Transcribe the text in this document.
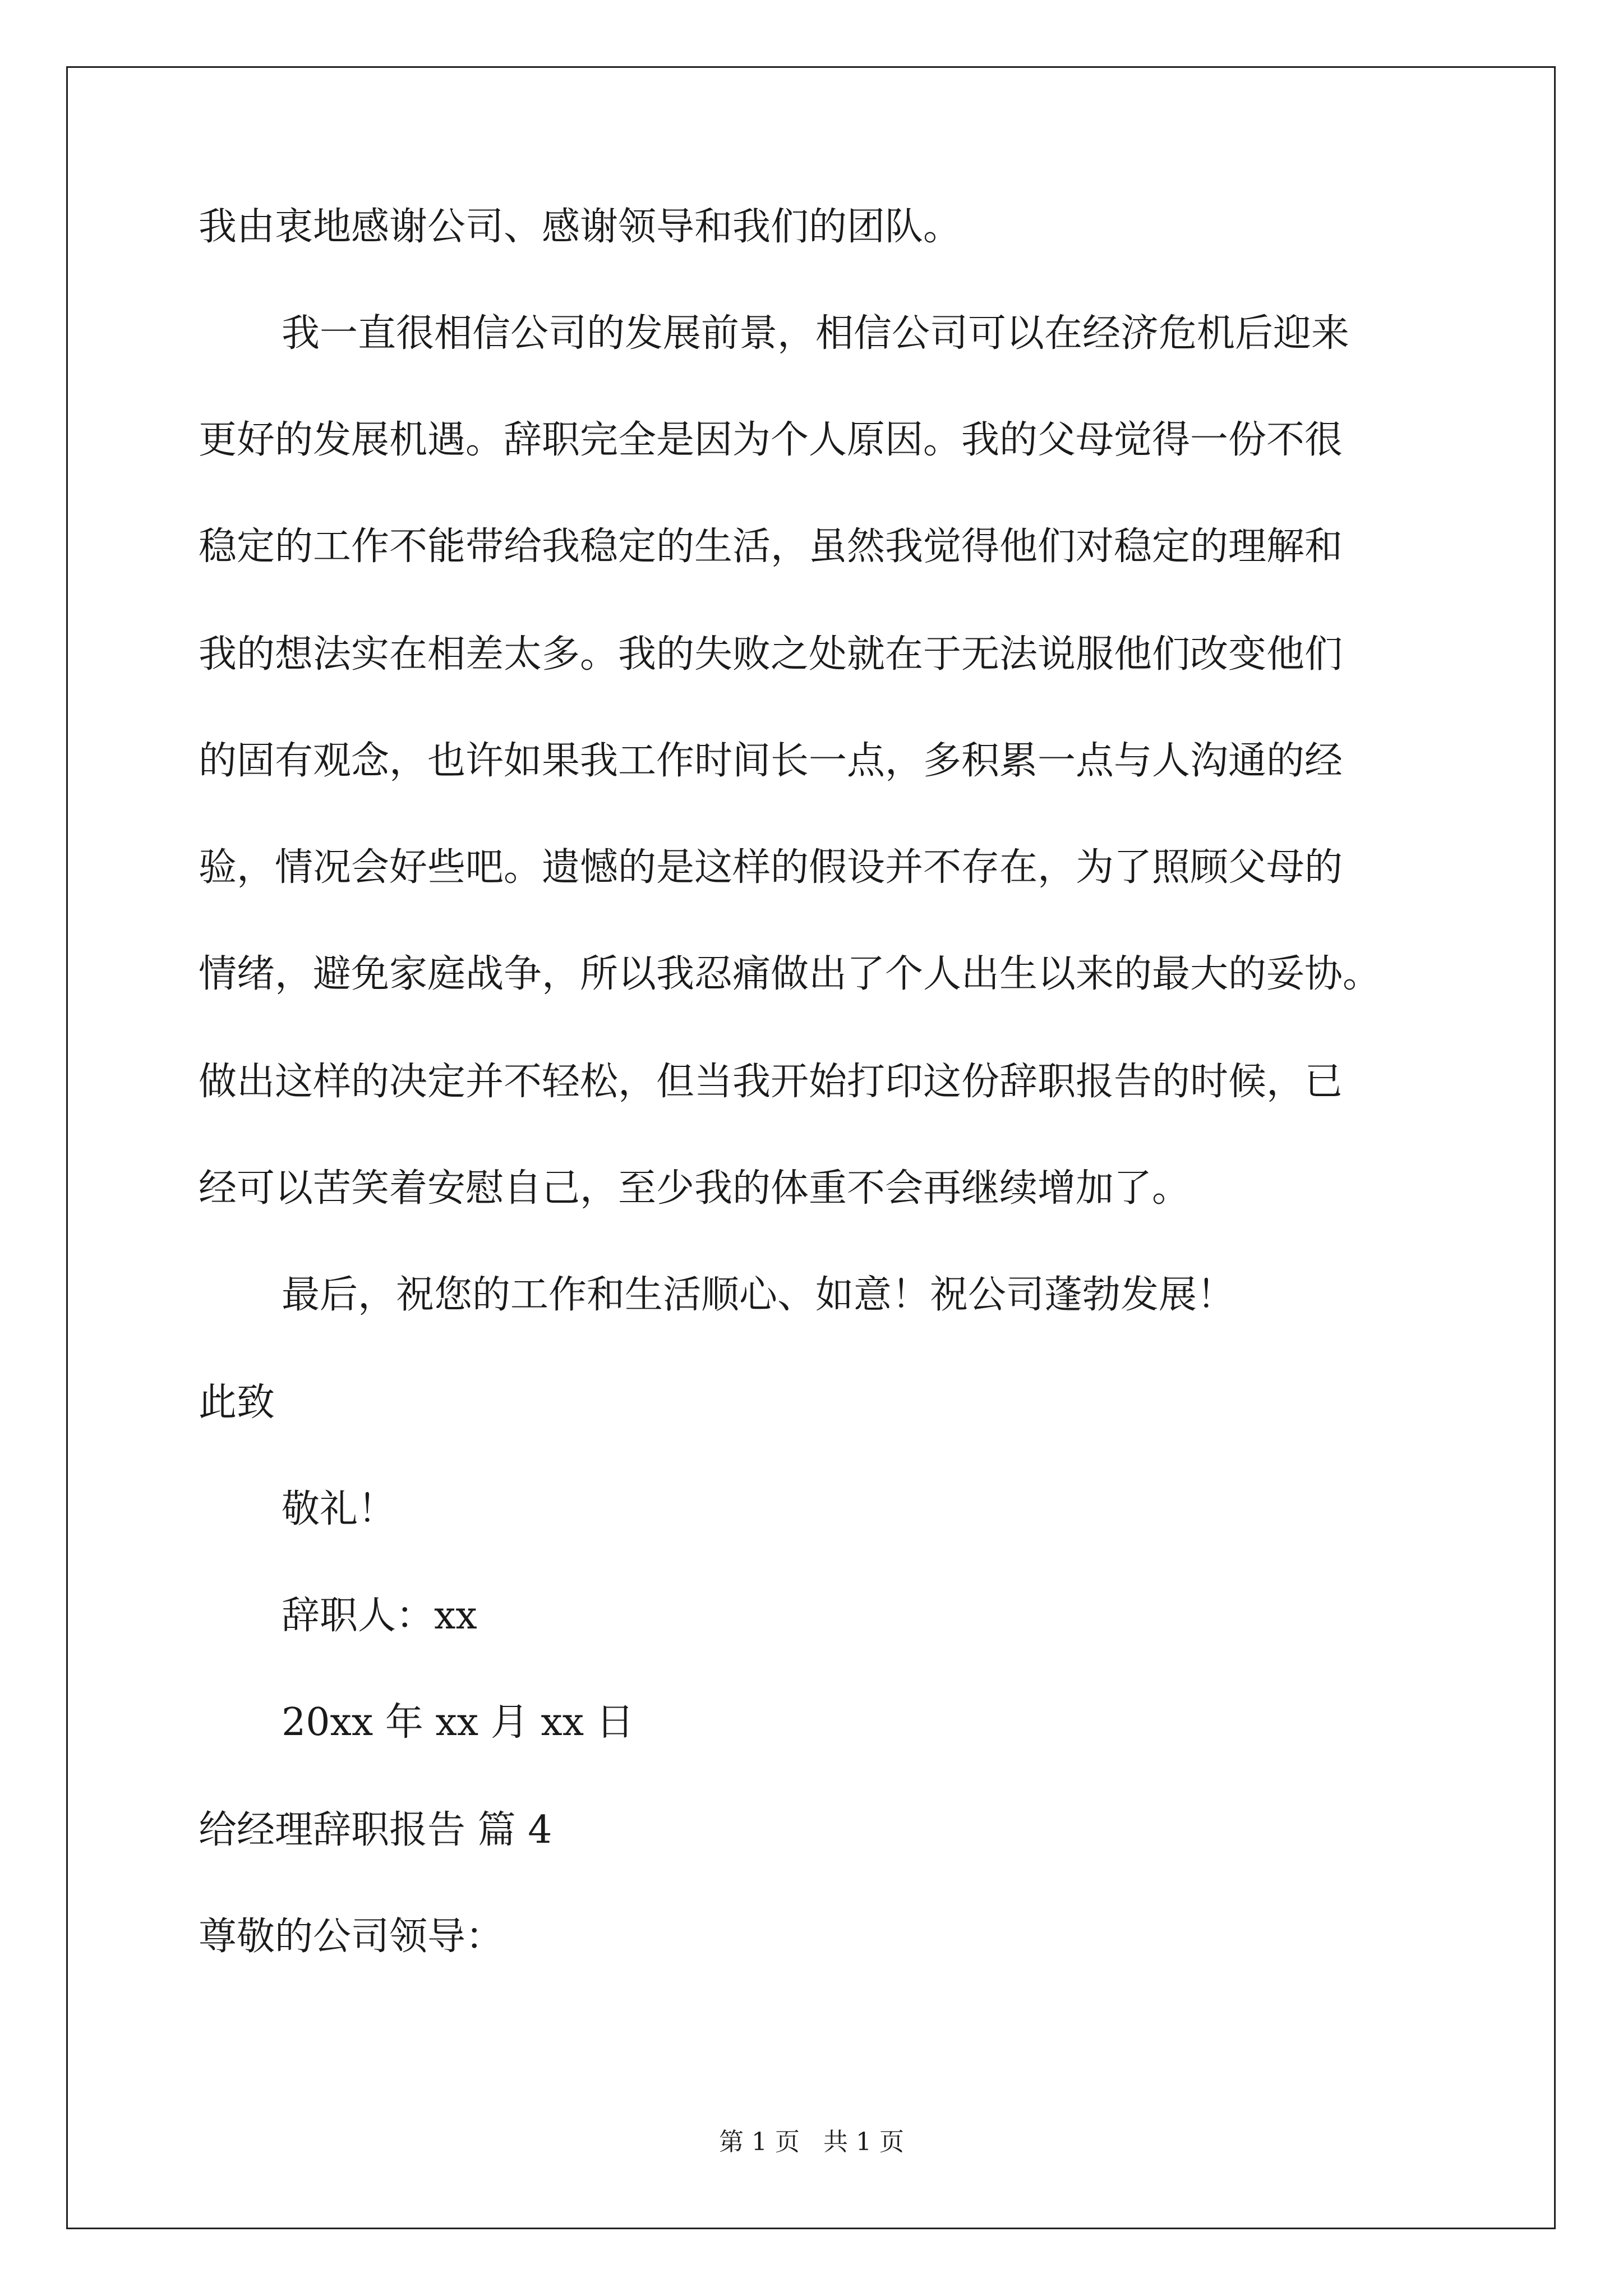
我由衷地感谢公司、感谢领导和我们的团队。
我一直很相信公司的发展前景，相信公司可以在经济危机后迎来
更好的发展机遇。辞职完全是因为个人原因。我的父母觉得一份不很
稳定的工作不能带给我稳定的生活，虽然我觉得他们对稳定的理解和
我的想法实在相差太多。我的失败之处就在于无法说服他们改变他们
的固有观念，也许如果我工作时间长一点，多积累一点与人沟通的经
验，情况会好些吧。遗憾的是这样的假设并不存在，为了照顾父母的
情绪，避免家庭战争，所以我忍痛做出了个人出生以来的最大的妥协。
做出这样的决定并不轻松，但当我开始打印这份辞职报告的时候，已
经可以苦笑着安慰自己，至少我的体重不会再继续增加了。
最后，祝您的工作和生活顺心、如意！祝公司蓬勃发展！
此致
敬礼！
辞职人：xx
20xx 年 xx 月 xx 日
给经理辞职报告 篇 4
尊敬的公司领导：
第 1 页   共 1 页
